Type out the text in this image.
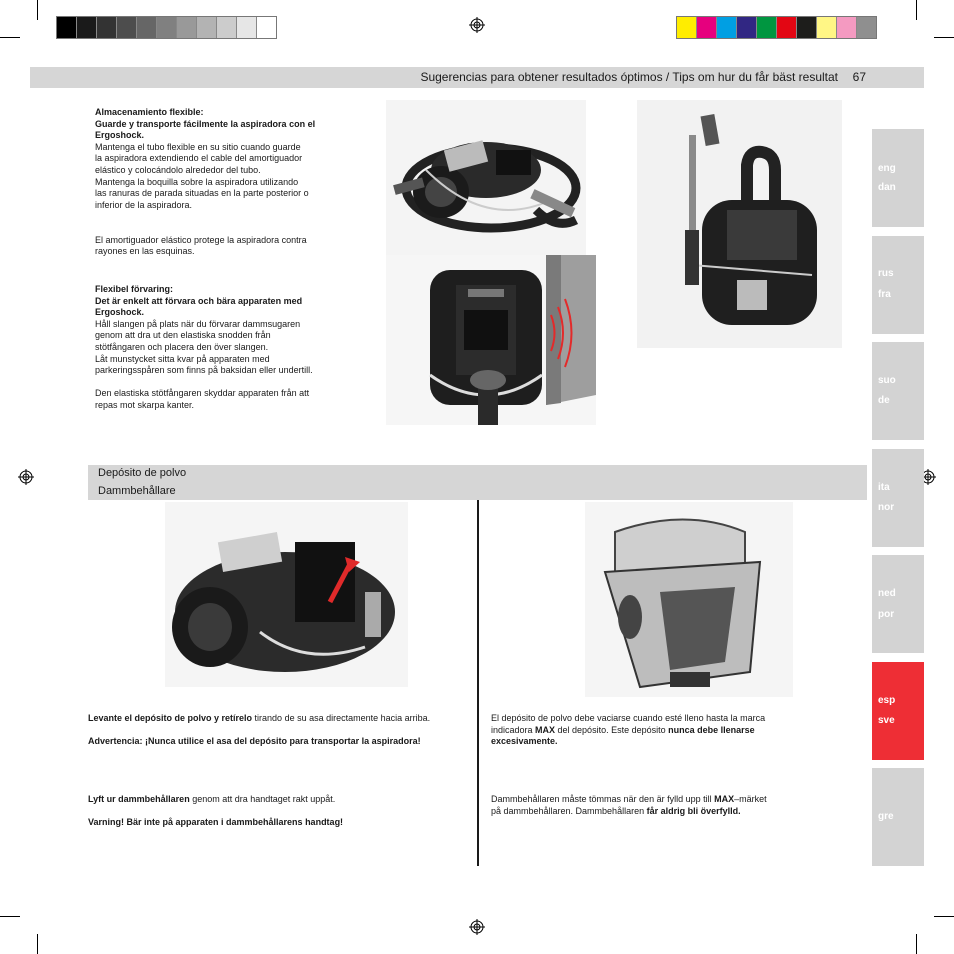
Sugerencias para obtener resultados óptimos / Tips om hur du får bäst resultat 67

Almacenamiento flexible:

Guarde y transporte fácilmente la aspiradora con el Ergoshock.

Mantenga el tubo flexible en su sitio cuando guarde

la aspiradora extendiendo el cable del amortiguador

elástico y colocándolo alrededor del tubo.

Mantenga la boquilla sobre la aspiradora utilizando

las ranuras de parada situadas en la parte posterior o

inferior de la aspiradora.

El amortiguador elástico protege la aspiradora contra

rayones en las esquinas.

Flexibel förvaring:

Det är enkelt att förvara och bära apparaten med Ergoshock.

Håll slangen på plats när du förvarar dammsugaren

genom att dra ut den elastiska snodden från

stötfångaren och placera den över slangen.

Låt munstycket sitta kvar på apparaten med

parkeringsspåren som finns på baksidan eller undertill.

Den elastiska stötfångaren skyddar apparaten från att

repas mot skarpa kanter.

Depósito de polvo
Dammbehållare

Levante el depósito de polvo y retírelo tirando de su asa directamente hacia arriba.

Advertencia: ¡Nunca utilice el asa del depósito para transportar la aspiradora!

Lyft ur dammbehållaren genom att dra handtaget rakt uppåt.

Varning! Bär inte på apparaten i dammbehållarens handtag!

El depósito de polvo debe vaciarse cuando esté lleno hasta la marca

indicadora MAX del depósito. Este depósito nunca debe llenarse

excesivamente.

Dammbehållaren måste tömmas när den är fylld upp till MAX–märket

på dammbehållaren. Dammbehållaren får aldrig bli överfylld.

eng
dan
rus
fra
suo
de
ita
nor
ned
por
esp
sve
gre
